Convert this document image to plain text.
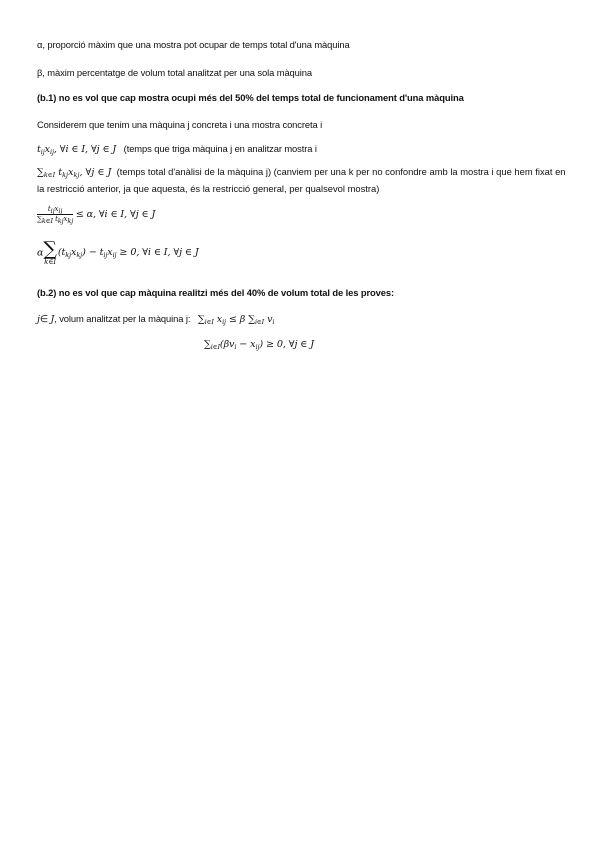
α, proporció màxim que una mostra pot ocupar de temps total d'una màquina
β, màxim percentatge de volum total analitzat per una sola màquina
(b.1) no es vol que cap mostra ocupi més del 50% del temps total de funcionament d'una màquina
Considerem que tenim una màquina j concreta i una mostra concreta i
$t_{ij}x_{ij}$, ∀i ∈ I, ∀j ∈ J (temps que triga màquina j en analitzar mostra i
$\sum_{k\in I}$ $t_{kj}x_{kj}$, ∀j ∈ J (temps total d'anàlisi de la màquina j) (canviem per una k per no confondre amb la mostra i que hem fixat en la restricció anterior, ja que aquesta, és la restricció general, per qualsevol mostra)
$\frac{t_{ij}x_{ij}}{\sum_{k\in I} t_{kj}x_{kj}} \le \alpha$, ∀i ∈ I, ∀j ∈ J
α ∑
k∈I
$(t_{kj}x_{kj}) - t_{ij}x_{ij} \ge 0$, ∀i ∈ I, ∀j ∈ J
(b.2) no es vol que cap màquina realitzi més del 40% de volum total de les proves:
j∈ J, volum analitzat per la màquina j: $\sum_{i\in I}$ $x_{ij} \le \beta$ $\sum_{i\in I}$ $v_i$
$\sum_{i\in I}(\beta v_i - x_{ij}) \ge 0$, ∀j ∈ J
